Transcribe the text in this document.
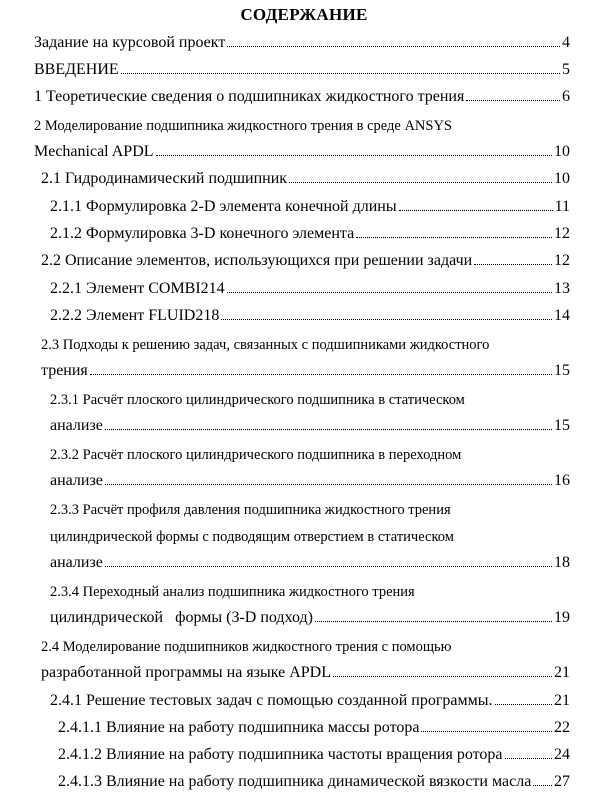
СОДЕРЖАНИЕ
Задание на курсовой проект	4
ВВЕДЕНИЕ	5
1 Теоретические сведения о подшипниках жидкостного трения	6
2 Моделирование подшипника жидкостного трения в среде ANSYS
Mechanical APDL	10
2.1 Гидродинамический подшипник	10
2.1.1 Формулировка 2-D элемента конечной длины	11
2.1.2 Формулировка 3-D конечного элемента	12
2.2 Описание элементов, использующихся при решении задачи	12
2.2.1 Элемент COMBI214	13
2.2.2 Элемент FLUID218	14
2.3 Подходы к решению задач, связанных с подшипниками жидкостного
трения	15
2.3.1 Расчёт плоского цилиндрического подшипника в статическом
анализе	15
2.3.2 Расчёт плоского цилиндрического подшипника в переходном
анализе	16
2.3.3 Расчёт профиля давления подшипника жидкостного трения
цилиндрической формы с подводящим отверстием в статическом
анализе	18
2.3.4 Переходный анализ подшипника жидкостного трения
цилиндрической   формы (3-D подход)	19
2.4 Моделирование подшипников жидкостного трения с помощью
разработанной программы на языке APDL	21
2.4.1 Решение тестовых задач с помощью созданной программы.	21
2.4.1.1 Влияние на работу подшипника массы ротора	22
2.4.1.2 Влияние на работу подшипника частоты вращения ротора	24
2.4.1.3 Влияние на работу подшипника динамической вязкости масла 27
